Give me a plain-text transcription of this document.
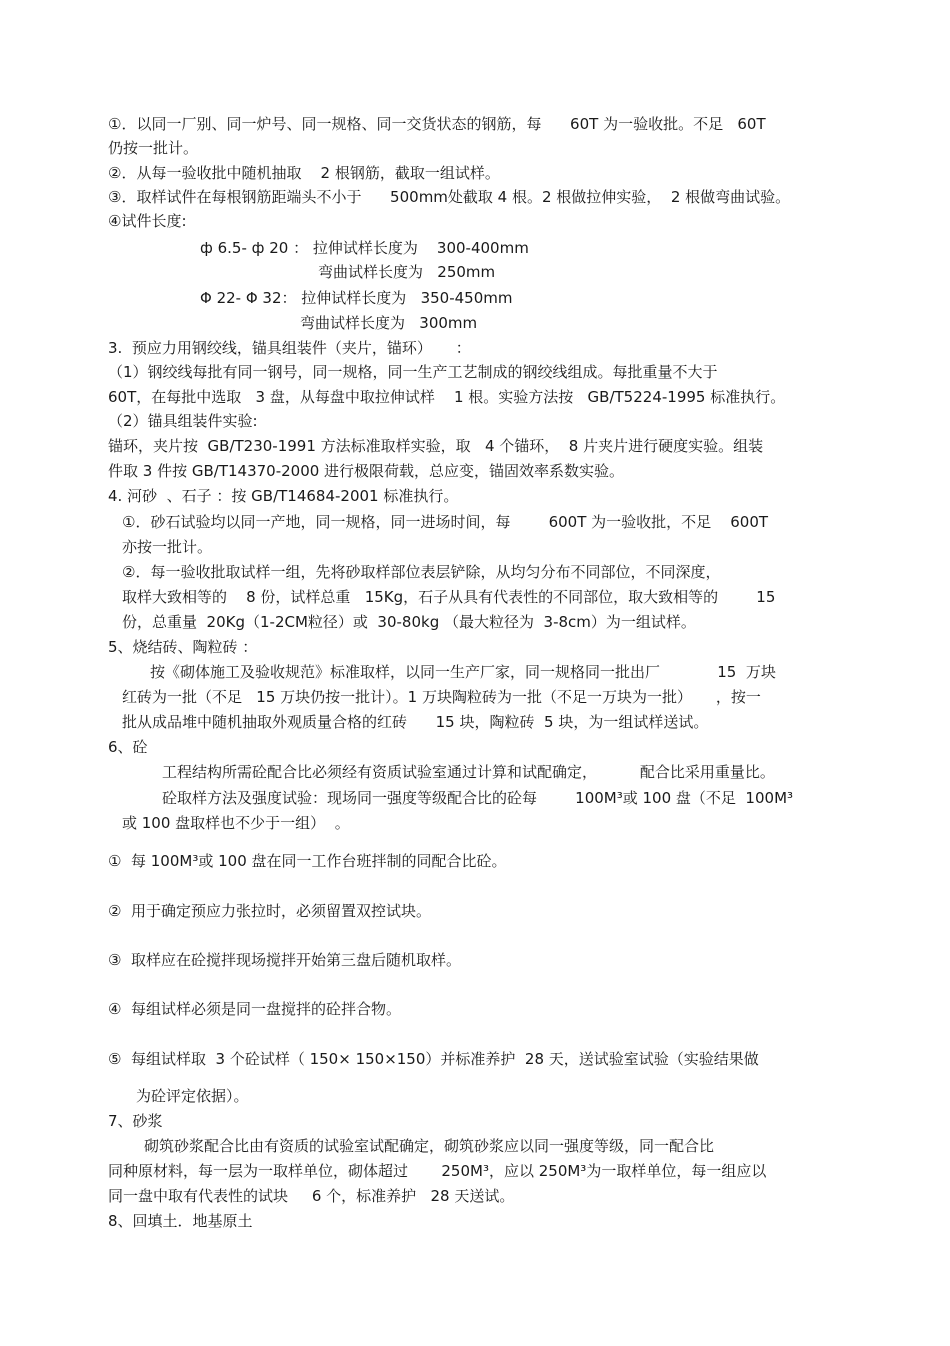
①．以同一厂别、同一炉号、同一规格、同一交货状态的钢筋，每      60T 为一验收批。不足   60T
仍按一批计。
②．从每一验收批中随机抽取    2 根钢筋，截取一组试样。
③．取样试件在每根钢筋距端头不小于      500mm处截取 4 根。2 根做拉伸实验，  2 根做弯曲试验。
④试件长度:
ф 6.5- ф 20 ： 拉伸试样长度为    300-400mm
弯曲试样长度为   250mm
Φ 22- Φ 32： 拉伸试样长度为   350-450mm
弯曲试样长度为   300mm
3.  预应力用钢绞线，锚具组装件（夹片，锚环）     ：
（1）钢绞线每批有同一钢号，同一规格，同一生产工艺制成的钢绞线组成。每批重量不大于
60T，在每批中选取   3 盘，从每盘中取拉伸试样    1 根。实验方法按   GB/T5224-1995 标准执行。
（2）锚具组装件实验:
锚环，夹片按  GB/T230-1991 方法标准取样实验，取   4 个锚环，  8 片夹片进行硬度实验。组装
件取 3 件按 GB/T14370-2000 进行极限荷载，总应变，锚固效率系数实验。
4. 河砂  、石子 ：按 GB/T14684-2001 标准执行。
①．砂石试验均以同一产地，同一规格，同一进场时间，每        600T 为一验收批，不足    600T
亦按一批计。
②．每一验收批取试样一组，先将砂取样部位表层铲除，从均匀分布不同部位，不同深度，
取样大致相等的    8 份，试样总重   15Kg，石子从具有代表性的不同部位，取大致相等的        15
份，总重量  20Kg（1-2CM粒径）或  30-80kg （最大粒径为  3-8cm）为一组试样。
5、烧结砖、陶粒砖 ：
按《砌体施工及验收规范》标准取样，以同一生产厂家，同一规格同一批出厂            15  万块
红砖为一批（不足   15 万块仍按一批计）。1 万块陶粒砖为一批（不足一万块为一批）     ，按一
批从成品堆中随机抽取外观质量合格的红砖      15 块，陶粒砖  5 块，为一组试样送试。
6、砼
工程结构所需砼配合比必须经有资质试验室通过计算和试配确定，         配合比采用重量比。
砼取样方法及强度试验：现场同一强度等级配合比的砼每        100M³或 100 盘（不足  100M³
或 100 盘取样也不少于一组）  。
①  每 100M³或 100 盘在同一工作台班拌制的同配合比砼。
②  用于确定预应力张拉时，必须留置双控试块。
③  取样应在砼搅拌现场搅拌开始第三盘后随机取样。
④  每组试样必须是同一盘搅拌的砼拌合物。
⑤  每组试样取  3 个砼试样（ 150× 150×150）并标准养护  28 天，送试验室试验（实验结果做
为砼评定依据）。
7、砂浆
砌筑砂浆配合比由有资质的试验室试配确定，砌筑砂浆应以同一强度等级，同一配合比
同种原材料，每一层为一取样单位，砌体超过       250M³，应以 250M³为一取样单位，每一组应以
同一盘中取有代表性的试块     6 个，标准养护   28 天送试。
8、回填土．地基原土
